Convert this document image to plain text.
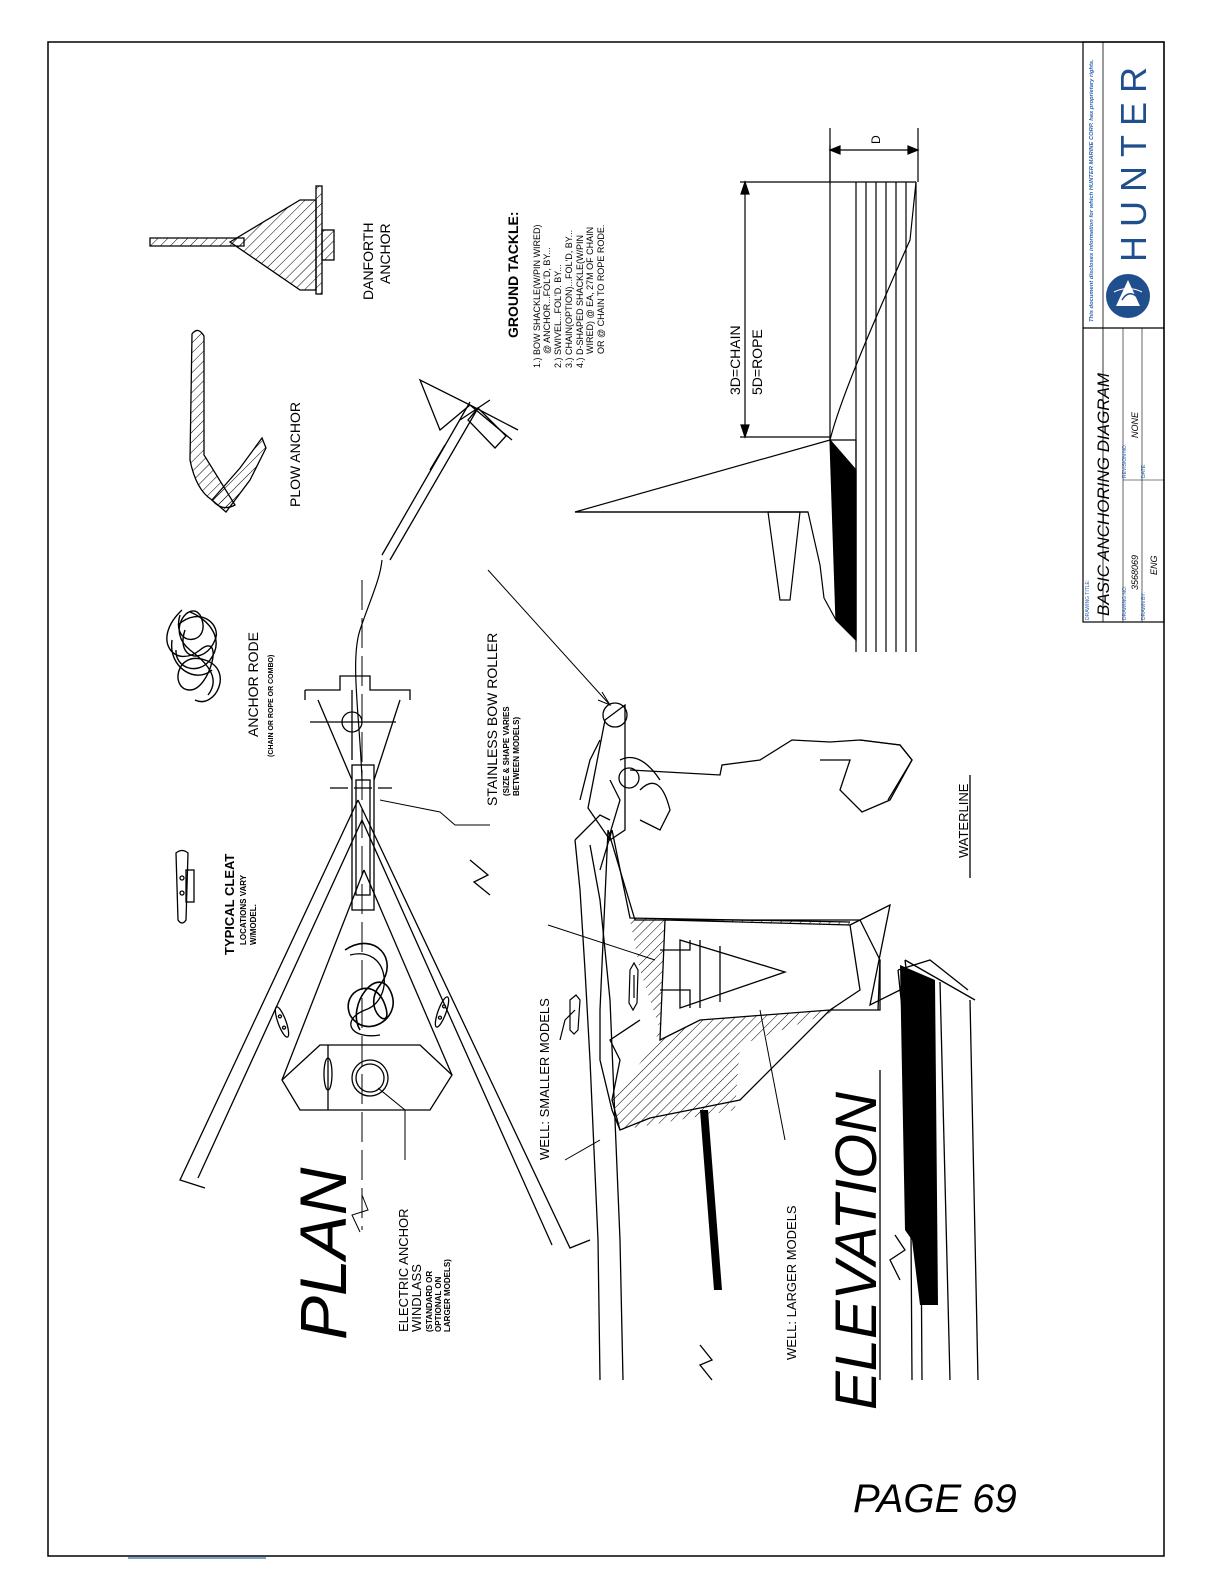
DRAWING TITLE: BASIC ANCHORING DIAGRAM DRAWING NO.
3568069
REVISION NO.
NONE
DRAWN BY:
ENG
DATE:
This document discloses information for which HUNTER MARINE CORP. has proprietary rights. HUNTER
TYPICAL CLEAT LOCATIONS VARY W/MODEL.
ANCHOR RODE (CHAIN OR ROPE OR COMBO)
PLOW ANCHOR
DANFORTH ANCHOR	GROUND TACKLE: 1.) BOW SHACKLE(W/PIN WIRED) @ ANCHOR...FOL'D, BY... 2.) SWIVEL...FOL'D. BY... 3.) CHAIN(OPTION)...FOL'D, BY... 4.) D-SHAPED SHACKLE(W/PIN WIRED) @ EA, 27M OF CHAIN OR @ CHAIN TO ROPE RODE.
3D=CHAIN 5D=ROPE
D
STAINLESS BOW ROLLER (SIZE & SHAPE VARIES BETWEEN MODELS)
PLAN	ELEVATION
ELECTRIC ANCHOR
WINDLASS (STANDARD OR OPTIONAL ON LARGER MODELS)
WELL: SMALLER MODELS
WELL: LARGER MODELS
WATERLINE
PAGE 69
